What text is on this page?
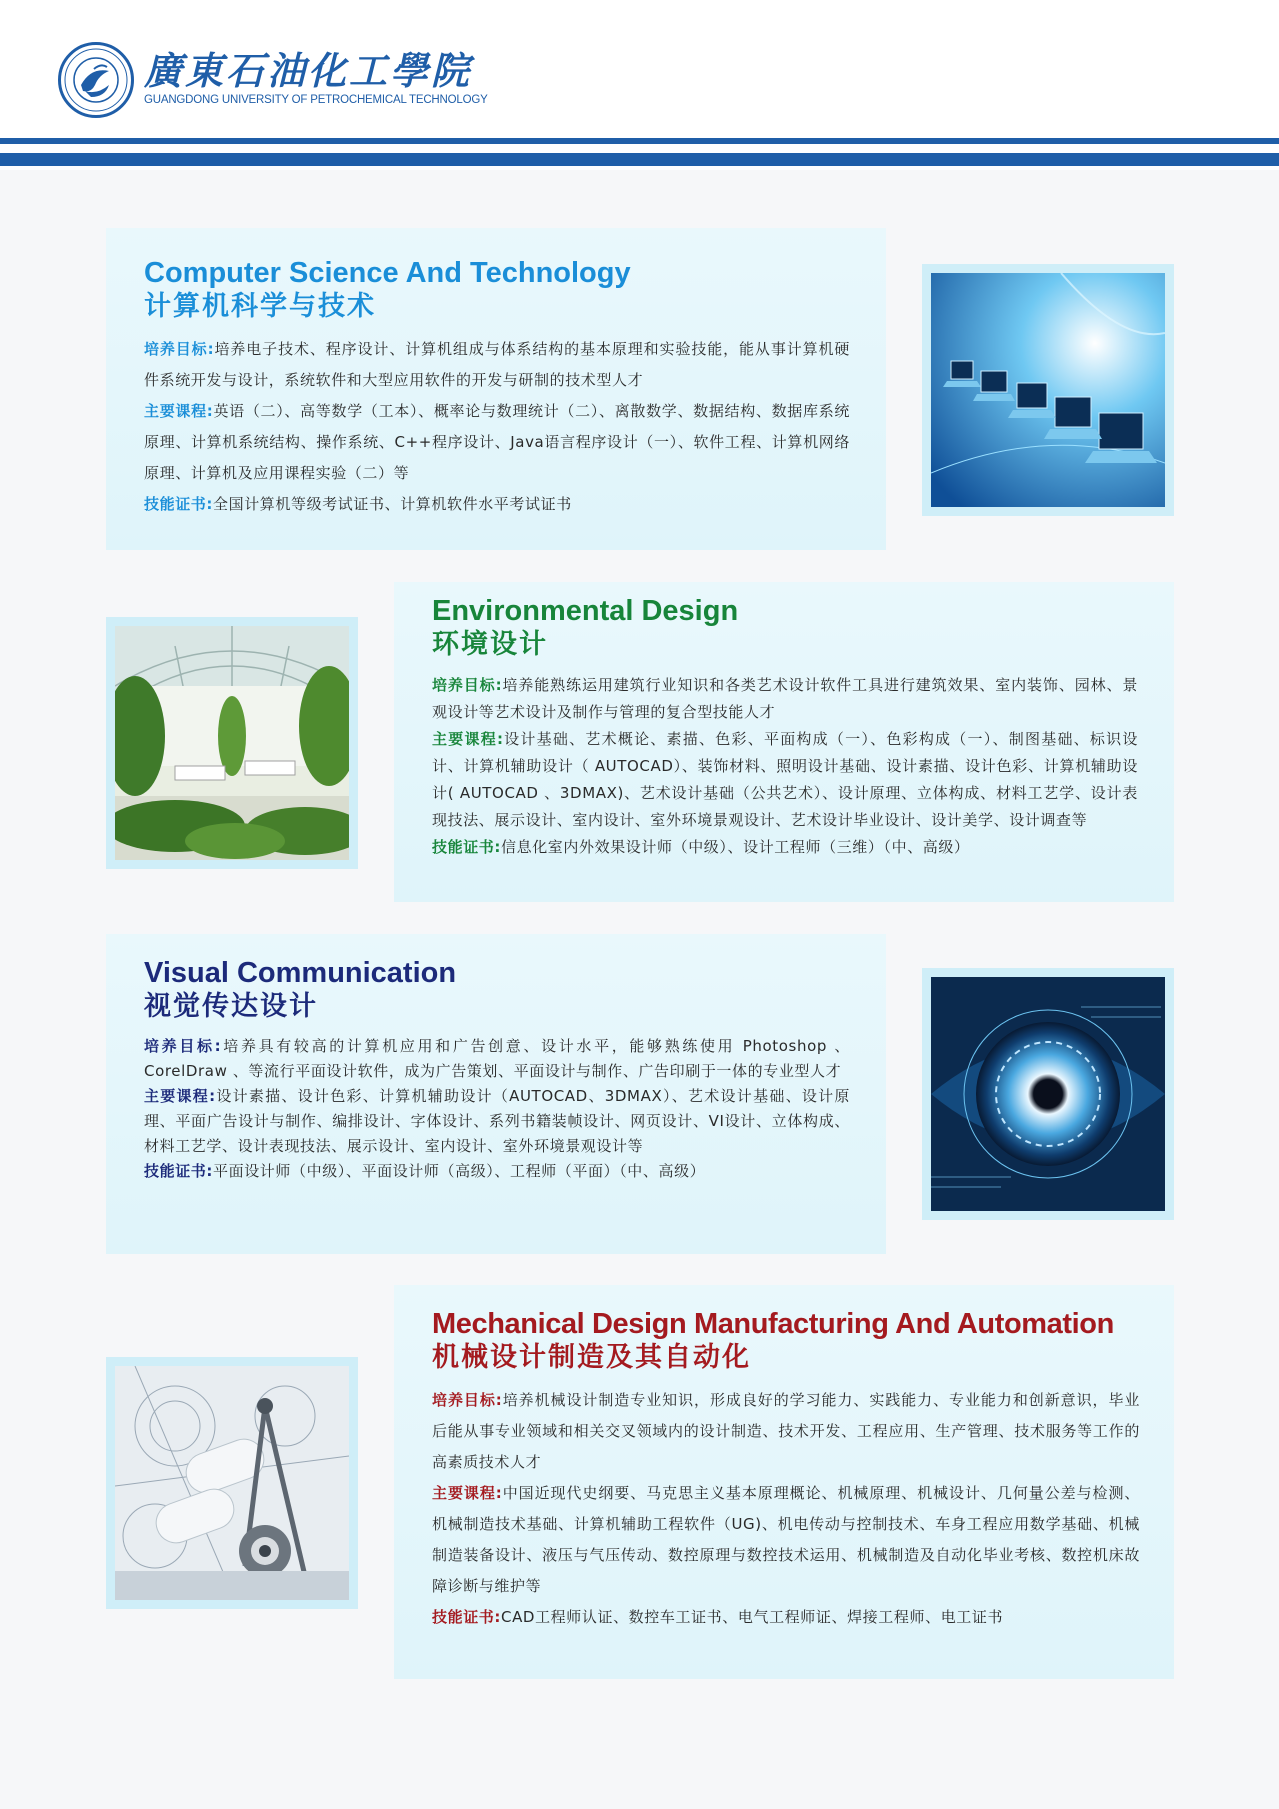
廣東石油化工學院
GUANGDONG UNIVERSITY OF PETROCHEMICAL TECHNOLOGY
Computer Science And Technology
计算机科学与技术

培养目标:培养电子技术、程序设计、计算机组成与体系结构的基本原理和实验技能，能从事计算机硬件系统开发与设计，系统软件和大型应用软件的开发与研制的技术型人才

主要课程:英语（二）、高等数学（工本）、概率论与数理统计（二）、离散数学、数据结构、数据库系统原理、计算机系统结构、操作系统、C++程序设计、Java语言程序设计（一）、软件工程、计算机网络原理、计算机及应用课程实验（二）等

技能证书:全国计算机等级考试证书、计算机软件水平考试证书

Environmental Design
环境设计

培养目标:培养能熟练运用建筑行业知识和各类艺术设计软件工具进行建筑效果、室内装饰、园林、景观设计等艺术设计及制作与管理的复合型技能人才

主要课程:设计基础、艺术概论、素描、色彩、平面构成（一）、色彩构成（一）、制图基础、标识设计、计算机辅助设计（ AUTOCAD）、装饰材料、照明设计基础、设计素描、设计色彩、计算机辅助设计( AUTOCAD 、3DMAX)、艺术设计基础（公共艺术）、设计原理、立体构成、材料工艺学、设计表现技法、展示设计、室内设计、室外环境景观设计、艺术设计毕业设计、设计美学、设计调查等

技能证书:信息化室内外效果设计师（中级）、设计工程师（三维）（中、高级）

Visual Communication
视觉传达设计

培养目标:培养具有较高的计算机应用和广告创意、设计水平，能够熟练使用 Photoshop 、CorelDraw 、等流行平面设计软件，成为广告策划、平面设计与制作、广告印刷于一体的专业型人才

主要课程:设计素描、设计色彩、计算机辅助设计（AUTOCAD、3DMAX）、艺术设计基础、设计原理、平面广告设计与制作、编排设计、字体设计、系列书籍装帧设计、网页设计、VI设计、立体构成、材料工艺学、设计表现技法、展示设计、室内设计、室外环境景观设计等

技能证书:平面设计师（中级）、平面设计师（高级）、工程师（平面）（中、高级）

Mechanical Design Manufacturing And Automation
机械设计制造及其自动化

培养目标:培养机械设计制造专业知识，形成良好的学习能力、实践能力、专业能力和创新意识，毕业后能从事专业领域和相关交叉领域内的设计制造、技术开发、工程应用、生产管理、技术服务等工作的高素质技术人才

主要课程:中国近现代史纲要、马克思主义基本原理概论、机械原理、机械设计、几何量公差与检测、机械制造技术基础、计算机辅助工程软件（UG)、机电传动与控制技术、车身工程应用数学基础、机械制造装备设计、液压与气压传动、数控原理与数控技术运用、机械制造及自动化毕业考核、数控机床故障诊断与维护等

技能证书:CAD工程师认证、数控车工证书、电气工程师证、焊接工程师、电工证书
